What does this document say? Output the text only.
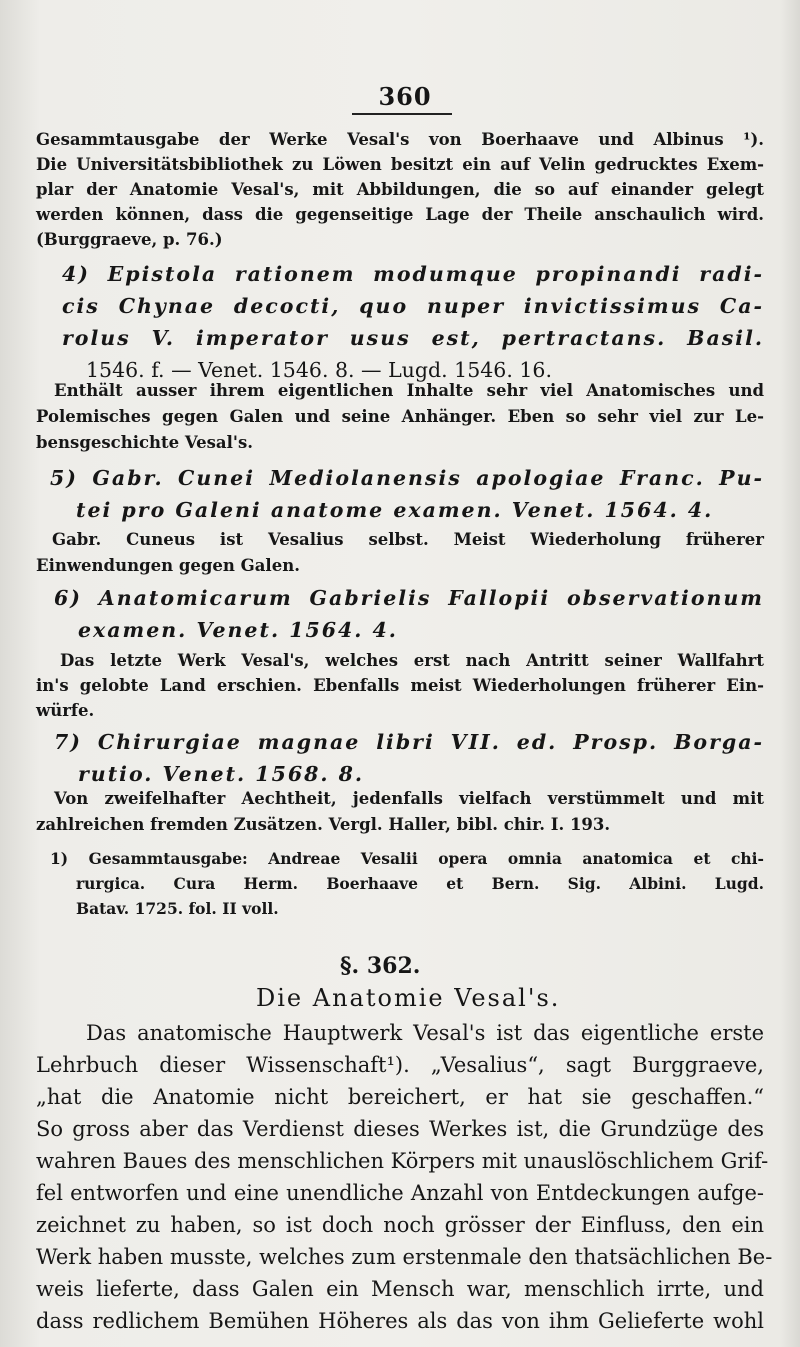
360
Gesammtausgabe der Werke Vesal's von Boerhaave und Albinus ¹).
Die Universitätsbibliothek zu Löwen besitzt ein auf Velin gedrucktes Exem-
plar der Anatomie Vesal's, mit Abbildungen, die so auf einander gelegt
werden können, dass die gegenseitige Lage der Theile anschaulich wird.
(Burggraeve, p. 76.)
4) Epistola rationem modumque propinandi radi-
cis Chynae decocti, quo nuper invictissimus Ca-
rolus V. imperator usus est, pertractans. Basil.
1546. f. — Venet. 1546. 8. — Lugd. 1546. 16.
Enthält ausser ihrem eigentlichen Inhalte sehr viel Anatomisches und
Polemisches gegen Galen und seine Anhänger. Eben so sehr viel zur Le-
bensgeschichte Vesal's.
5) Gabr. Cunei Mediolanensis apologiae Franc. Pu-
tei pro Galeni anatome examen. Venet. 1564. 4.
Gabr. Cuneus ist Vesalius selbst. Meist Wiederholung früherer
Einwendungen gegen Galen.
6) Anatomicarum Gabrielis Fallopii observationum
examen. Venet. 1564. 4.
Das letzte Werk Vesal's, welches erst nach Antritt seiner Wallfahrt
in's gelobte Land erschien. Ebenfalls meist Wiederholungen früherer Ein-
würfe.
7) Chirurgiae magnae libri VII. ed. Prosp. Borga-
rutio. Venet. 1568. 8.
Von zweifelhafter Aechtheit, jedenfalls vielfach verstümmelt und mit
zahlreichen fremden Zusätzen. Vergl. Haller, bibl. chir. I. 193.
1) Gesammtausgabe: Andreae Vesalii opera omnia anatomica et chi-
rurgica. Cura Herm. Boerhaave et Bern. Sig. Albini. Lugd.
Batav. 1725. fol. II voll.
§. 362.
Die Anatomie Vesal's.
Das anatomische Hauptwerk Vesal's ist das eigentliche erste
Lehrbuch dieser Wissenschaft¹). „Vesalius“, sagt Burggraeve,
„hat die Anatomie nicht bereichert, er hat sie geschaffen.“
So gross aber das Verdienst dieses Werkes ist, die Grundzüge des
wahren Baues des menschlichen Körpers mit unauslöschlichem Grif-
fel entworfen und eine unendliche Anzahl von Entdeckungen aufge-
zeichnet zu haben, so ist doch noch grösser der Einfluss, den ein
Werk haben musste, welches zum erstenmale den thatsächlichen Be-
weis lieferte, dass Galen ein Mensch war, menschlich irrte, und
dass redlichem Bemühen Höheres als das von ihm Gelieferte wohl
